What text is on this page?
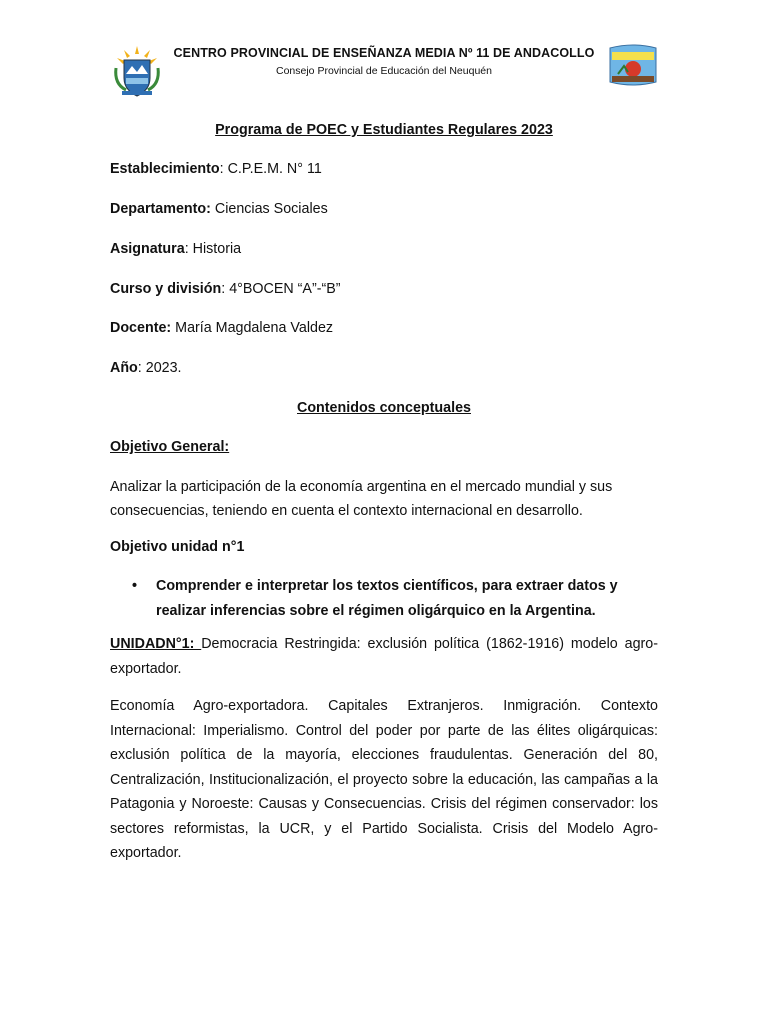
CENTRO PROVINCIAL DE ENSEÑANZA MEDIA Nº 11 DE ANDACOLLO
Consejo Provincial de Educación del Neuquén
Programa de POEC y Estudiantes Regulares 2023
Establecimiento: C.P.E.M. N° 11
Departamento: Ciencias Sociales
Asignatura: Historia
Curso y división: 4°BOCEN “A”-“B”
Docente: María Magdalena Valdez
Año: 2023.
Contenidos conceptuales
Objetivo General:

Analizar la participación de la economía argentina en el mercado mundial y sus consecuencias, teniendo en cuenta el contexto internacional en desarrollo.

Objetivo unidad n°1
• Comprender e interpretar los textos científicos, para extraer datos y realizar inferencias sobre el régimen oligárquico en la Argentina.

UNIDADN°1: Democracia Restringida: exclusión política (1862-1916) modelo agro-exportador.

Economía Agro-exportadora. Capitales Extranjeros. Inmigración. Contexto Internacional: Imperialismo. Control del poder por parte de las élites oligárquicas: exclusión política de la mayoría, elecciones fraudulentas. Generación del 80, Centralización, Institucionalización, el proyecto sobre la educación, las campañas a la Patagonia y Noroeste: Causas y Consecuencias. Crisis del régimen conservador: los sectores reformistas, la UCR, y el Partido Socialista. Crisis del Modelo Agro-exportador.
